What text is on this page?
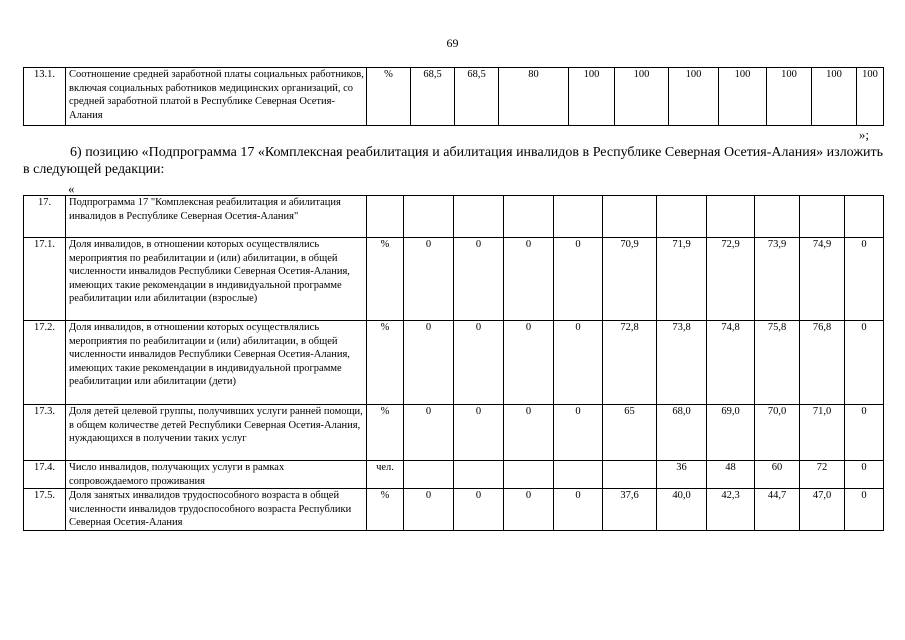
69
13.1.	Соотношение средней заработной платы социальных работников, включая социальных работников медицинских организаций, со средней заработной платой в Республике Северная Осетия-Алания	%	68,5	68,5	80	100	100	100	100	100	100	100
»;
6) позицию «Подпрограмма 17 «Комплексная реабилитация и абилитация инвалидов в Республике Северная Осетия-Алания» изложить в следующей редакции:
«
17.	Подпрограмма 17 "Комплексная реабилитация и абилитация инвалидов в Республике Северная Осетия-Алания"											
17.1.	Доля инвалидов, в отношении которых осуществлялись мероприятия по реабилитации и (или) абилитации, в общей численности инвалидов Республики Северная Осетия-Алания, имеющих такие рекомендации в индивидуальной программе реабилитации или абилитации (взрослые)	%	0	0	0	0	70,9	71,9	72,9	73,9	74,9	0
17.2.	Доля инвалидов, в отношении которых осуществлялись мероприятия по реабилитации и (или) абилитации, в общей численности инвалидов Республики Северная Осетия-Алания, имеющих такие рекомендации в индивидуальной программе реабилитации или абилитации (дети)	%	0	0	0	0	72,8	73,8	74,8	75,8	76,8	0
17.3.	Доля детей целевой группы, получивших услуги ранней помощи, в общем количестве детей Республики Северная Осетия-Алания, нуждающихся в получении таких услуг	%	0	0	0	0	65	68,0	69,0	70,0	71,0	0
17.4.	Число инвалидов, получающих услуги в рамках сопровождаемого проживания	чел.						36	48	60	72	0
17.5.	Доля занятых инвалидов трудоспособного возраста в общей численности инвалидов трудоспособного возраста Республики Северная Осетия-Алания	%	0	0	0	0	37,6	40,0	42,3	44,7	47,0	0
